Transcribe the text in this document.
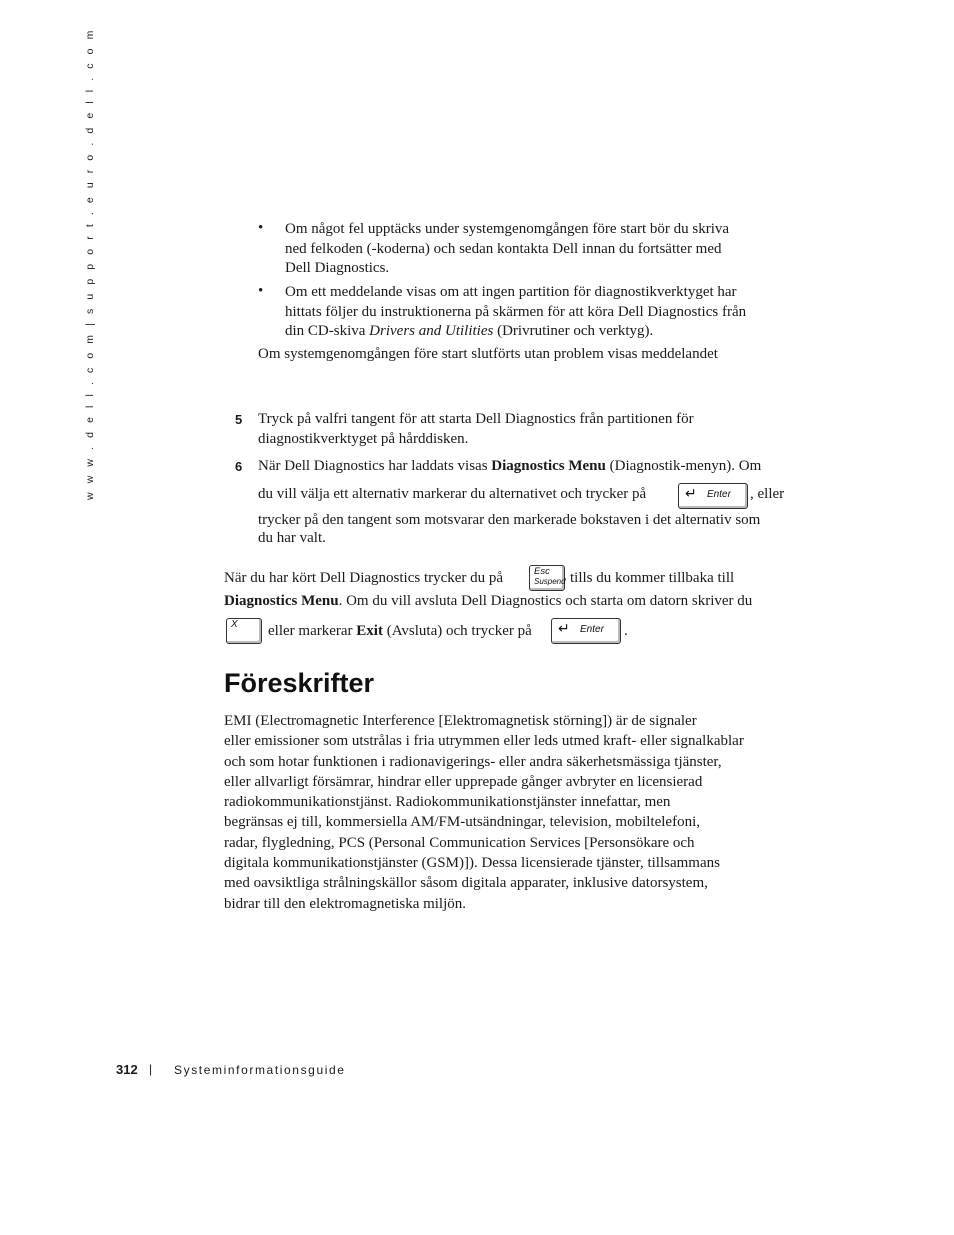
w w w . d e l l . c o m | s u p p o r t . e u r o . d e l l . c o m	• Om något fel upptäcks under systemgenomgången före start bör du skriva
ned felkoden (-koderna) och sedan kontakta Dell innan du fortsätter med
Dell Diagnostics.
• Om ett meddelande visas om att ingen partition för diagnostikverktyget har
hittats följer du instruktionerna på skärmen för att köra Dell Diagnostics från
din CD-skiva Drivers and Utilities (Drivrutiner och verktyg).
Om systemgenomgången före start slutförts utan problem visas meddelandet
5 Tryck på valfri tangent för att starta Dell Diagnostics från partitionen för
diagnostikverktyget på hårddisken.
6 När Dell Diagnostics har laddats visas Diagnostics Menu (Diagnostik-menyn). Om
du vill välja ett alternativ markerar du alternativet och trycker på	↵ Enter , eller
trycker på den tangent som motsvarar den markerade bokstaven i det alternativ som
du har valt.
När du har kört Dell Diagnostics trycker du på	Esc
Suspend tills du kommer tillbaka till
Diagnostics Menu. Om du vill avsluta Dell Diagnostics och starta om datorn skriver du
X eller markerar Exit (Avsluta) och trycker på ↵ Enter .
Föreskrifter
EMI (Electromagnetic Interference [Elektromagnetisk störning]) är de signaler
eller emissioner som utstrålas i fria utrymmen eller leds utmed kraft- eller signalkablar
och som hotar funktionen i radionavigerings- eller andra säkerhetsmässiga tjänster,
eller allvarligt försämrar, hindrar eller upprepade gånger avbryter en licensierad
radiokommunikationstjänst. Radiokommunikationstjänster innefattar, men
begränsas ej till, kommersiella AM/FM-utsändningar, television, mobiltelefoni,
radar, flygledning, PCS (Personal Communication Services [Personsökare och
digitala kommunikationstjänster (GSM)]). Dessa licensierade tjänster, tillsammans
med oavsiktliga strålningskällor såsom digitala apparater, inklusive datorsystem,
bidrar till den elektromagnetiska miljön.
312 | Systeminformationsguide
